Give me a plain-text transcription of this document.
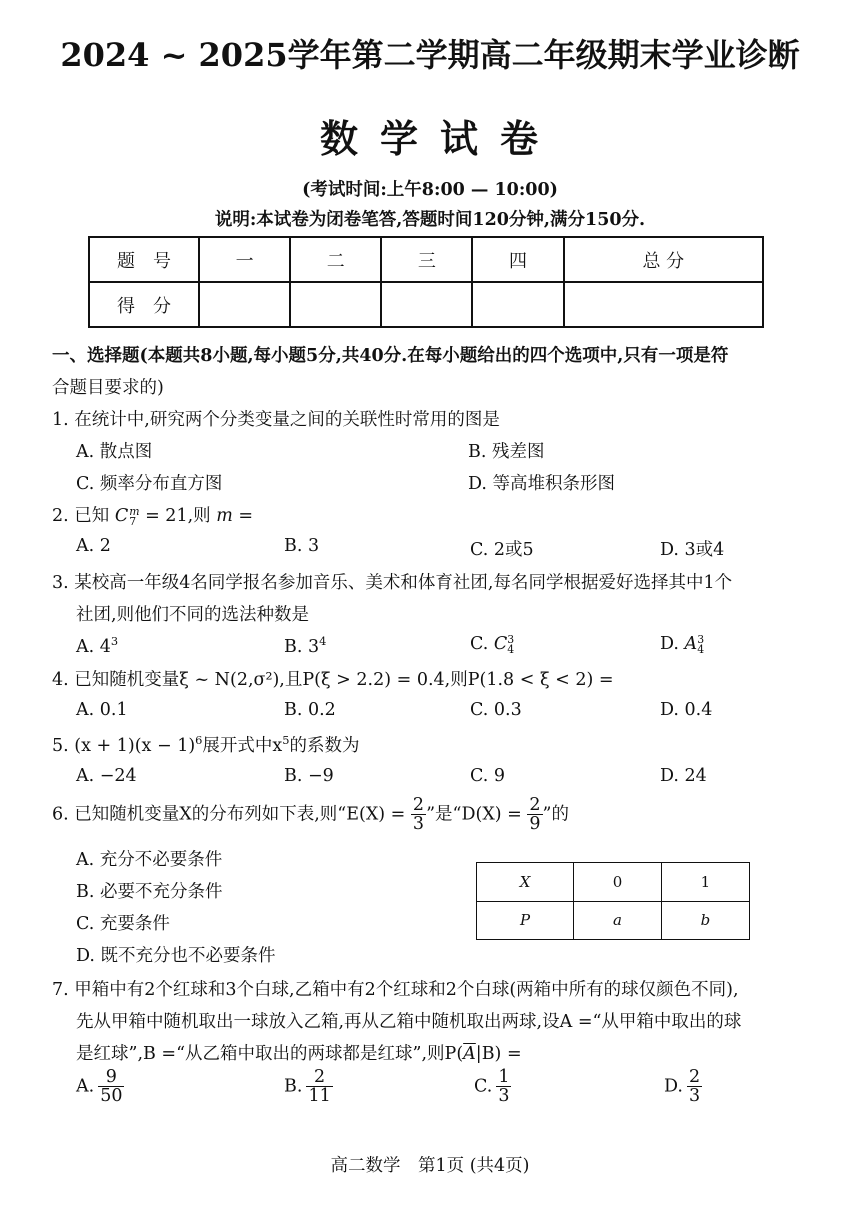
2024 ~ 2025学年第二学期高二年级期末学业诊断
数学试卷
(考试时间:上午8:00 — 10:00)
说明:本试卷为闭卷笔答,答题时间120分钟,满分150分.
题　号	一	二	三	四	总 分
得　分					
一、选择题(本题共8小题,每小题5分,共40分.在每小题给出的四个选项中,只有一项是符
合题目要求的)
1. 在统计中,研究两个分类变量之间的关联性时常用的图是
A. 散点图	B. 残差图
C. 频率分布直方图	D. 等高堆积条形图
2. 已知 C m
7 = 21,则 m =
A. 2	B. 3	C. 2或5	D. 3或4
3. 某校高一年级4名同学报名参加音乐、美术和体育社团,每名同学根据爱好选择其中1个
社团,则他们不同的选法种数是
A. $4^3$	B. $3^4$	C. C 3
4	D. A 3
4
4. 已知随机变量ξ ~ N(2,σ²),且P(ξ > 2.2) = 0.4,则P(1.8 < ξ < 2) =
A. 0.1	B. 0.2	C. 0.3	D. 0.4
5. $(x + 1)(x - 1)^6$展开式中$x^5$的系数为
A. −24	B. −9	C. 9	D. 24
6. 已知随机变量X的分布列如下表,则“$E(X) = \frac{2}{3}$ ”是“$D(X) = \frac{2}{9}$ ”的
A. 充分不必要条件
B. 必要不充分条件
C. 充要条件
D. 既不充分也不必要条件
X	0	1
P	a	b
7. 甲箱中有2个红球和3个白球,乙箱中有2个红球和2个白球(两箱中所有的球仅颜色不同),
先从甲箱中随机取出一球放入乙箱,再从乙箱中随机取出两球,设A =“从甲箱中取出的球
是红球”,B =“从乙箱中取出的两球都是红球”,则$P(\overline{A}|B)$ =
A. $\frac{9}{50}$	B. $\frac{2}{11}$	C. $\frac{1}{3}$	D. $\frac{2}{3}$
高二数学　第1页 (共4页)
